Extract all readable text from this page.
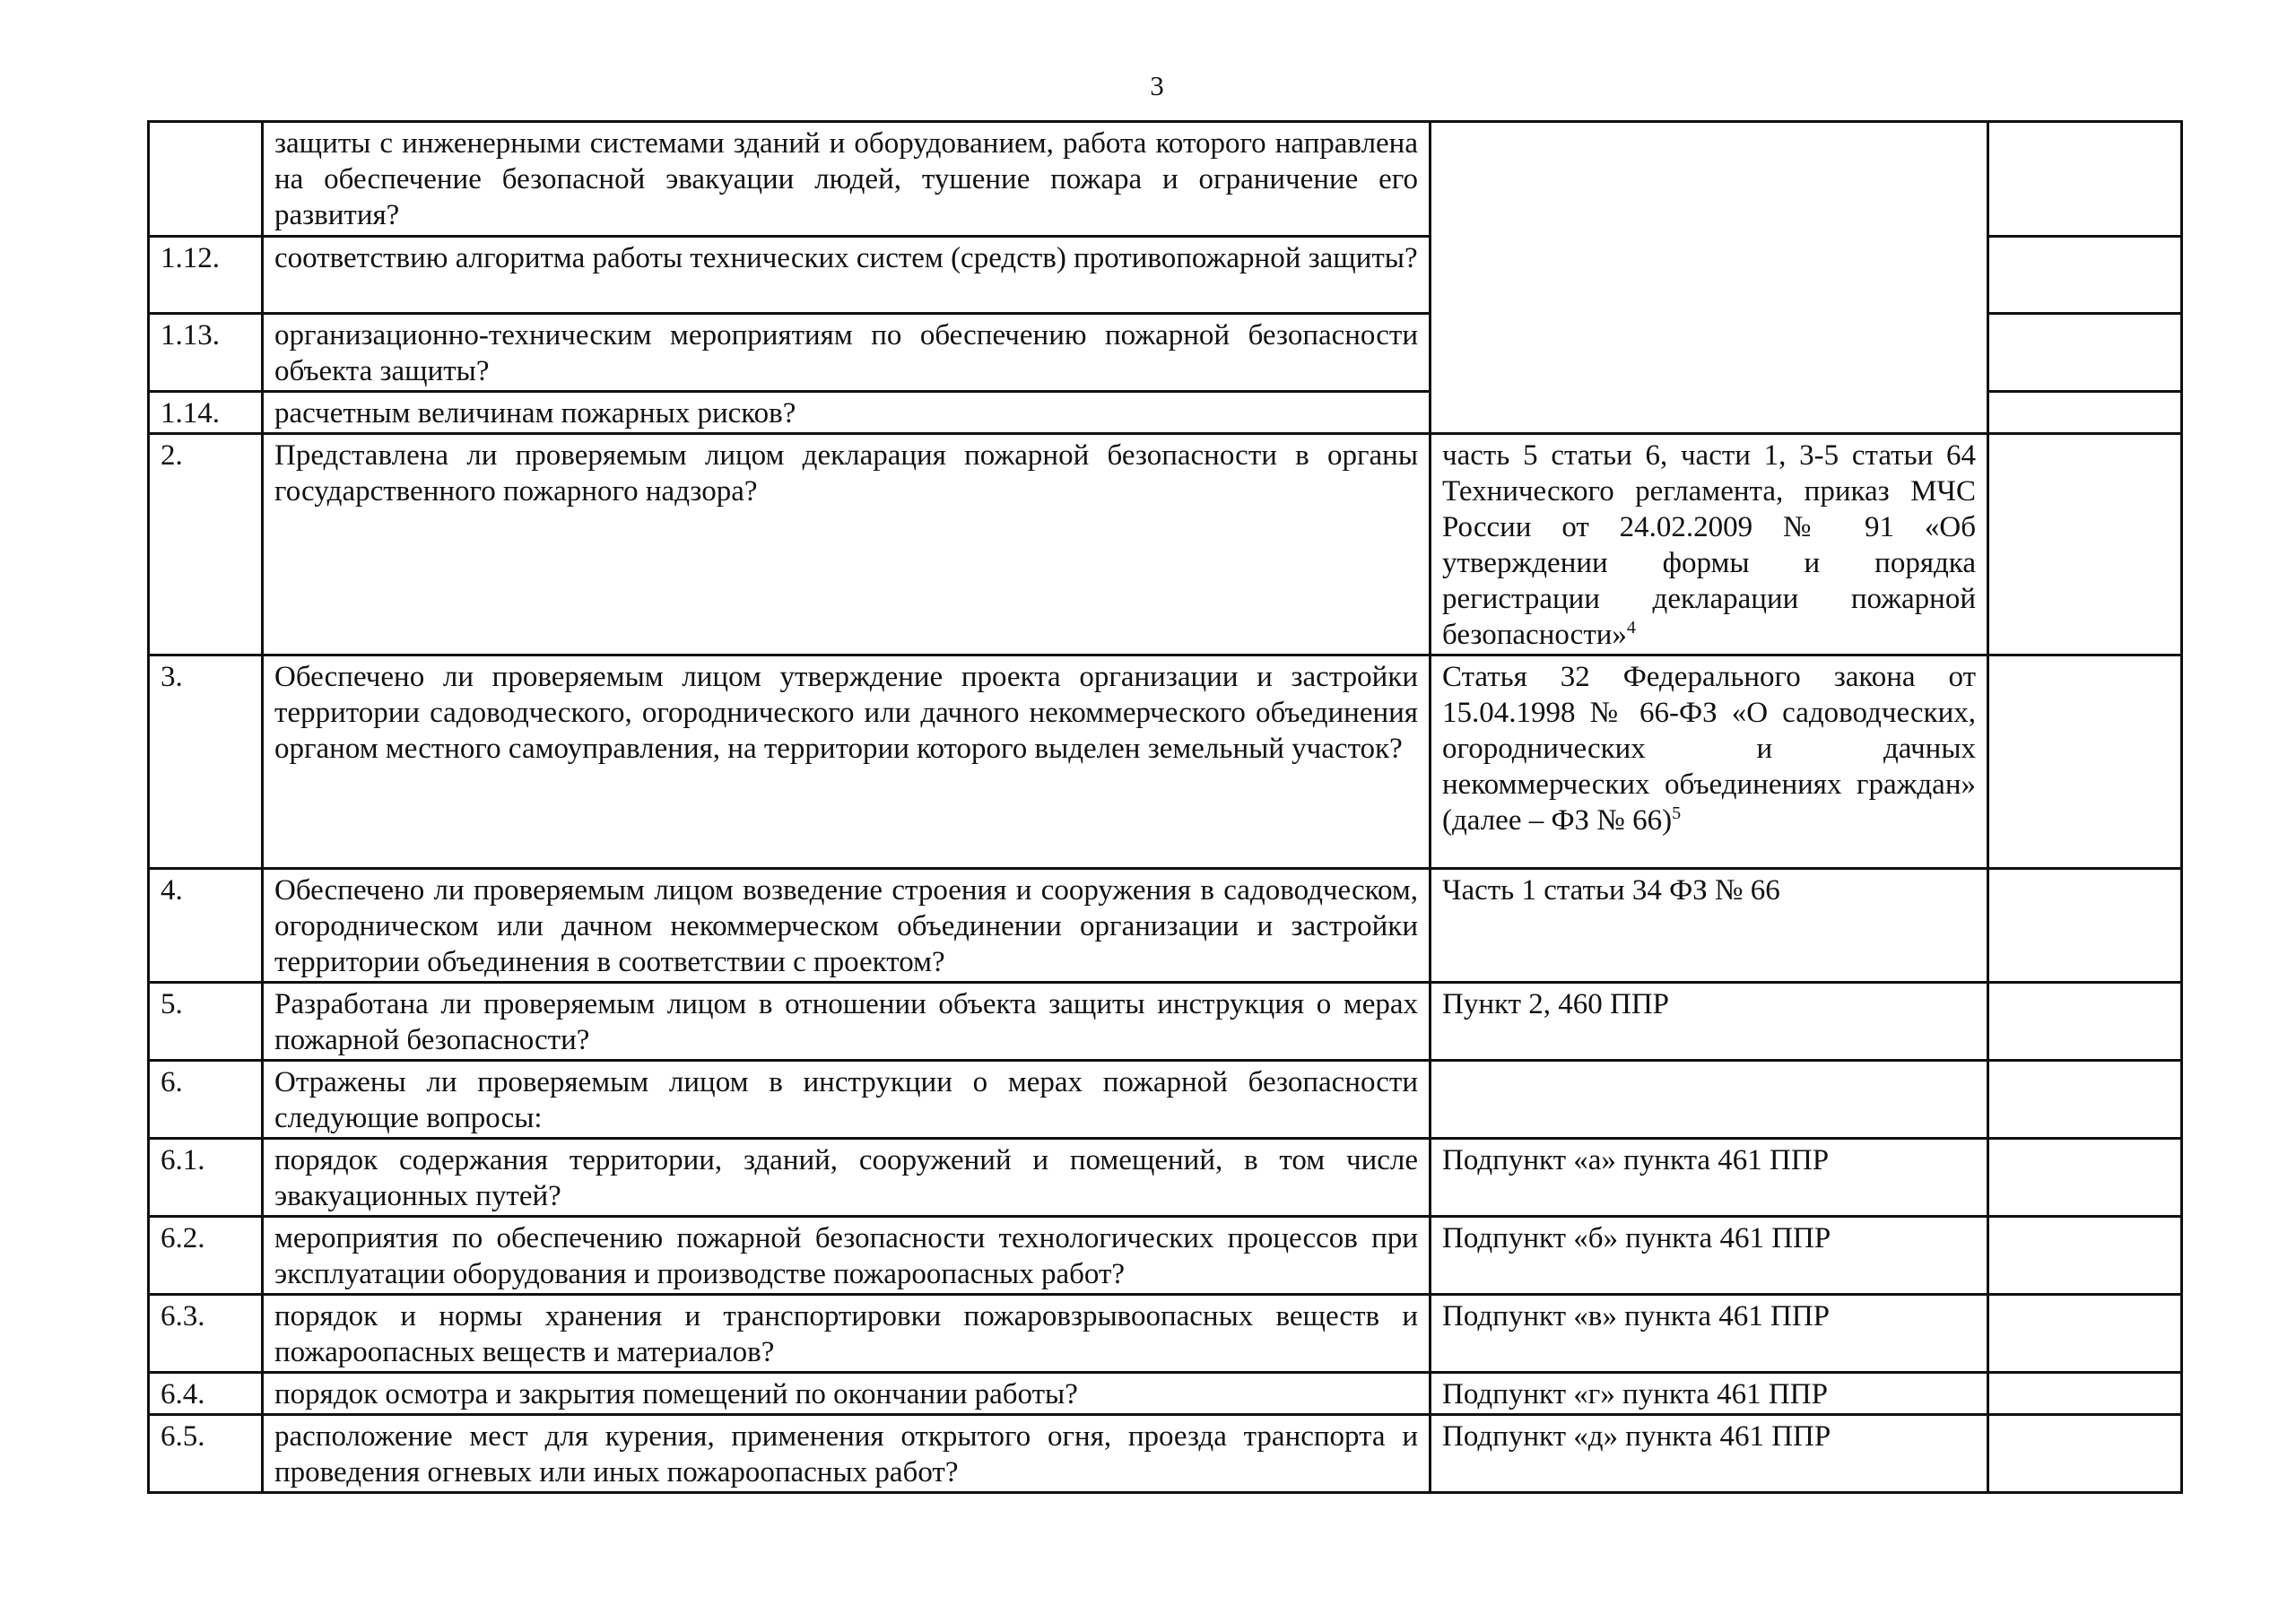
3
	защиты с инженерными системами зданий и оборудованием, работа которого направлена на обеспечение безопасной эвакуации людей, тушение пожара и ограничение его развития?		
1.12.	соответствию алгоритма работы технических систем (средств) противопожарной защиты?		
1.13.	организационно-техническим мероприятиям по обеспечению пожарной безопасности объекта защиты?		
1.14.	расчетным величинам пожарных рисков?		
2.	Представлена ли проверяемым лицом декларация пожарной безопасности в органы государственного пожарного надзора?	часть 5 статьи 6, части 1, 3-5 статьи 64 Технического регламента, приказ МЧС России от 24.02.2009 № 91 «Об утверждении формы и порядка регистрации декларации пожарной безопасности»$^4$	
3.	Обеспечено ли проверяемым лицом утверждение проекта организации и застройки территории садоводческого, огороднического или дачного некоммерческого объединения органом местного самоуправления, на территории которого выделен земельный участок?	Статья 32 Федерального закона от 15.04.1998 № 66-ФЗ «О садоводческих, огороднических и дачных некоммерческих объединениях граждан» (далее – ФЗ № 66)$^5$	
4.	Обеспечено ли проверяемым лицом возведение строения и сооружения в садоводческом, огородническом или дачном некоммерческом объединении организации и застройки территории объединения в соответствии с проектом?	Часть 1 статьи 34 ФЗ № 66	
5.	Разработана ли проверяемым лицом в отношении объекта защиты инструкция о мерах пожарной безопасности?	Пункт 2, 460 ППР	
6.	Отражены ли проверяемым лицом в инструкции о мерах пожарной безопасности следующие вопросы:		
6.1.	порядок содержания территории, зданий, сооружений и помещений, в том числе эвакуационных путей?	Подпункт «а» пункта 461 ППР	
6.2.	мероприятия по обеспечению пожарной безопасности технологических процессов при эксплуатации оборудования и производстве пожароопасных работ?	Подпункт «б» пункта 461 ППР	
6.3.	порядок и нормы хранения и транспортировки пожаровзрывоопасных веществ и пожароопасных веществ и материалов?	Подпункт «в» пункта 461 ППР	
6.4.	порядок осмотра и закрытия помещений по окончании работы?	Подпункт «г» пункта 461 ППР	
6.5.	расположение мест для курения, применения открытого огня, проезда транспорта и проведения огневых или иных пожароопасных работ?	Подпункт «д» пункта 461 ППР	
